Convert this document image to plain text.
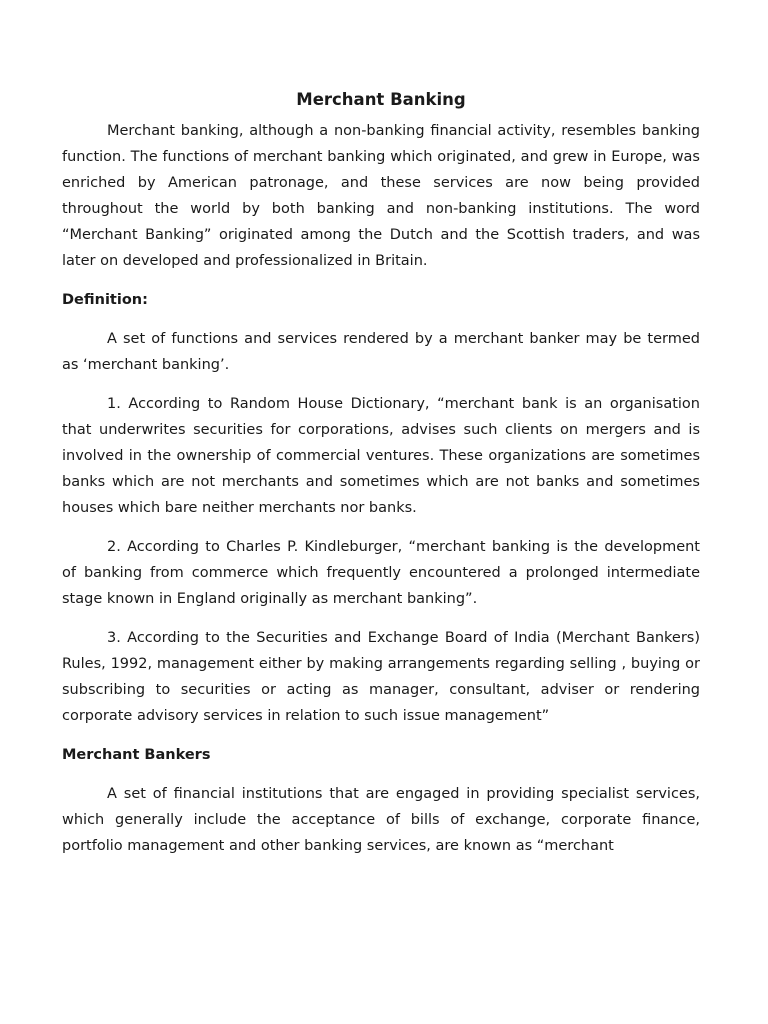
Merchant Banking

Merchant banking, although a non-banking financial activity, resembles banking function. The functions of merchant banking which originated, and grew in Europe, was enriched by American patronage, and these services are now being provided throughout the world by both banking and non-banking institutions. The word “Merchant Banking” originated among the Dutch and the Scottish traders, and was later on developed and professionalized in Britain.

Definition:

A set of functions and services rendered by a merchant banker may be termed as ‘merchant banking’.

1. According to Random House Dictionary, “merchant bank is an organisation that underwrites securities for corporations, advises such clients on mergers and is involved in the ownership of commercial ventures. These organizations are sometimes banks which are not merchants and sometimes which are not banks and sometimes houses which bare neither merchants nor banks.

2. According to Charles P. Kindleburger, “merchant banking is the development of banking from commerce which frequently encountered a prolonged intermediate stage known in England originally as merchant banking”.

3. According to the Securities and Exchange Board of India (Merchant Bankers) Rules, 1992, management either by making arrangements regarding selling , buying or subscribing to securities or acting as manager, consultant, adviser or rendering corporate advisory services in relation to such issue management”

Merchant Bankers

A set of financial institutions that are engaged in providing specialist services, which generally include the acceptance of bills of exchange, corporate finance, portfolio management and other banking services, are known as “merchant
